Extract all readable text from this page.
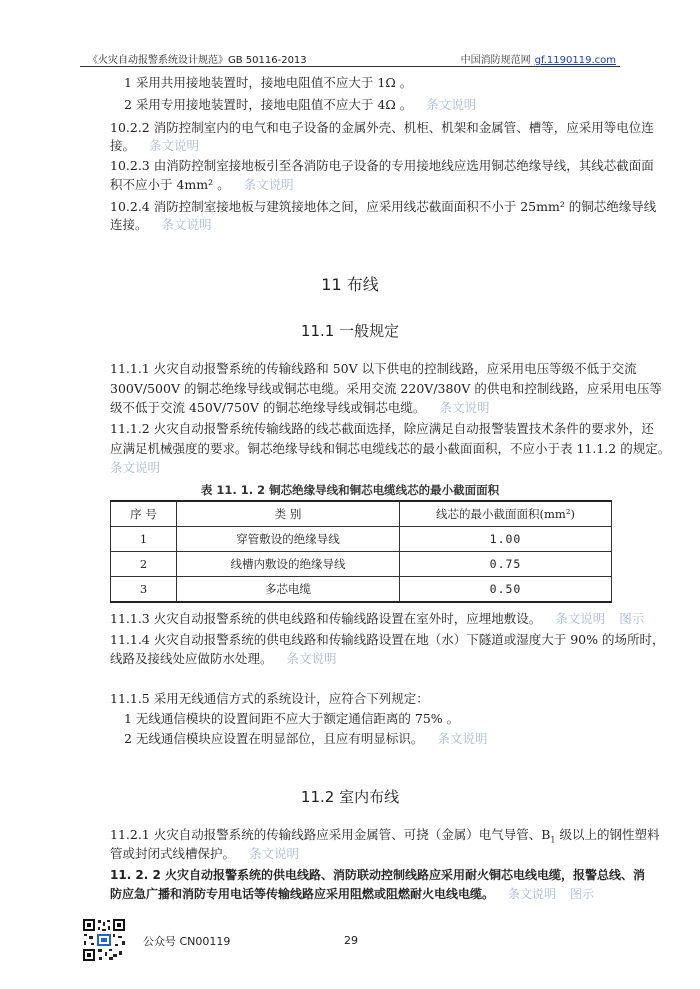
《火灾自动报警系统设计规范》GB 50116-2013	中国消防规范网 gf.1190119.com
1 采用共用接地装置时，接地电阻值不应大于 1Ω 。
2 采用专用接地装置时，接地电阻值不应大于 4Ω 。 条文说明
10.2.2 消防控制室内的电气和电子设备的金属外壳、机柜、机架和金属管、槽等，应采用等电位连
接。 条文说明
10.2.3 由消防控制室接地板引至各消防电子设备的专用接地线应选用铜芯绝缘导线，其线芯截面面
积不应小于 4mm² 。 条文说明
10.2.4 消防控制室接地板与建筑接地体之间，应采用线芯截面面积不小于 25mm² 的铜芯绝缘导线
连接。 条文说明
11 布线
11.1 一般规定
11.1.1 火灾自动报警系统的传输线路和 50V 以下供电的控制线路，应采用电压等级不低于交流
300V/500V 的铜芯绝缘导线或铜芯电缆。采用交流 220V/380V 的供电和控制线路，应采用电压等
级不低于交流 450V/750V 的铜芯绝缘导线或铜芯电缆。 条文说明
11.1.2 火灾自动报警系统传输线路的线芯截面选择，除应满足自动报警装置技术条件的要求外，还
应满足机械强度的要求。铜芯绝缘导线和铜芯电缆线芯的最小截面面积，不应小于表 11.1.2 的规定。
条文说明
表 11. 1. 2 铜芯绝缘导线和铜芯电缆线芯的最小截面面积
序 号	类 别	线芯的最小截面面积(mm²)
1	穿管敷设的绝缘导线	1.00
2	线槽内敷设的绝缘导线	0.75
3	多芯电缆	0.50
11.1.3 火灾自动报警系统的供电线路和传输线路设置在室外时，应埋地敷设。 条文说明 图示
11.1.4 火灾自动报警系统的供电线路和传输线路设置在地（水）下隧道或湿度大于 90% 的场所时，
线路及接线处应做防水处理。 条文说明
11.1.5 采用无线通信方式的系统设计，应符合下列规定：
1 无线通信模块的设置间距不应大于额定通信距离的 75% 。
2 无线通信模块应设置在明显部位，且应有明显标识。 条文说明
11.2 室内布线
11.2.1 火灾自动报警系统的传输线路应采用金属管、可挠（金属）电气导管、$B_1$ 级以上的钢性塑料
管或封闭式线槽保护。 条文说明
11. 2. 2 火灾自动报警系统的供电线路、消防联动控制线路应采用耐火铜芯电线电缆，报警总线、消
防应急广播和消防专用电话等传输线路应采用阻燃或阻燃耐火电线电缆。 条文说明 图示
公众号 CN00119	29
